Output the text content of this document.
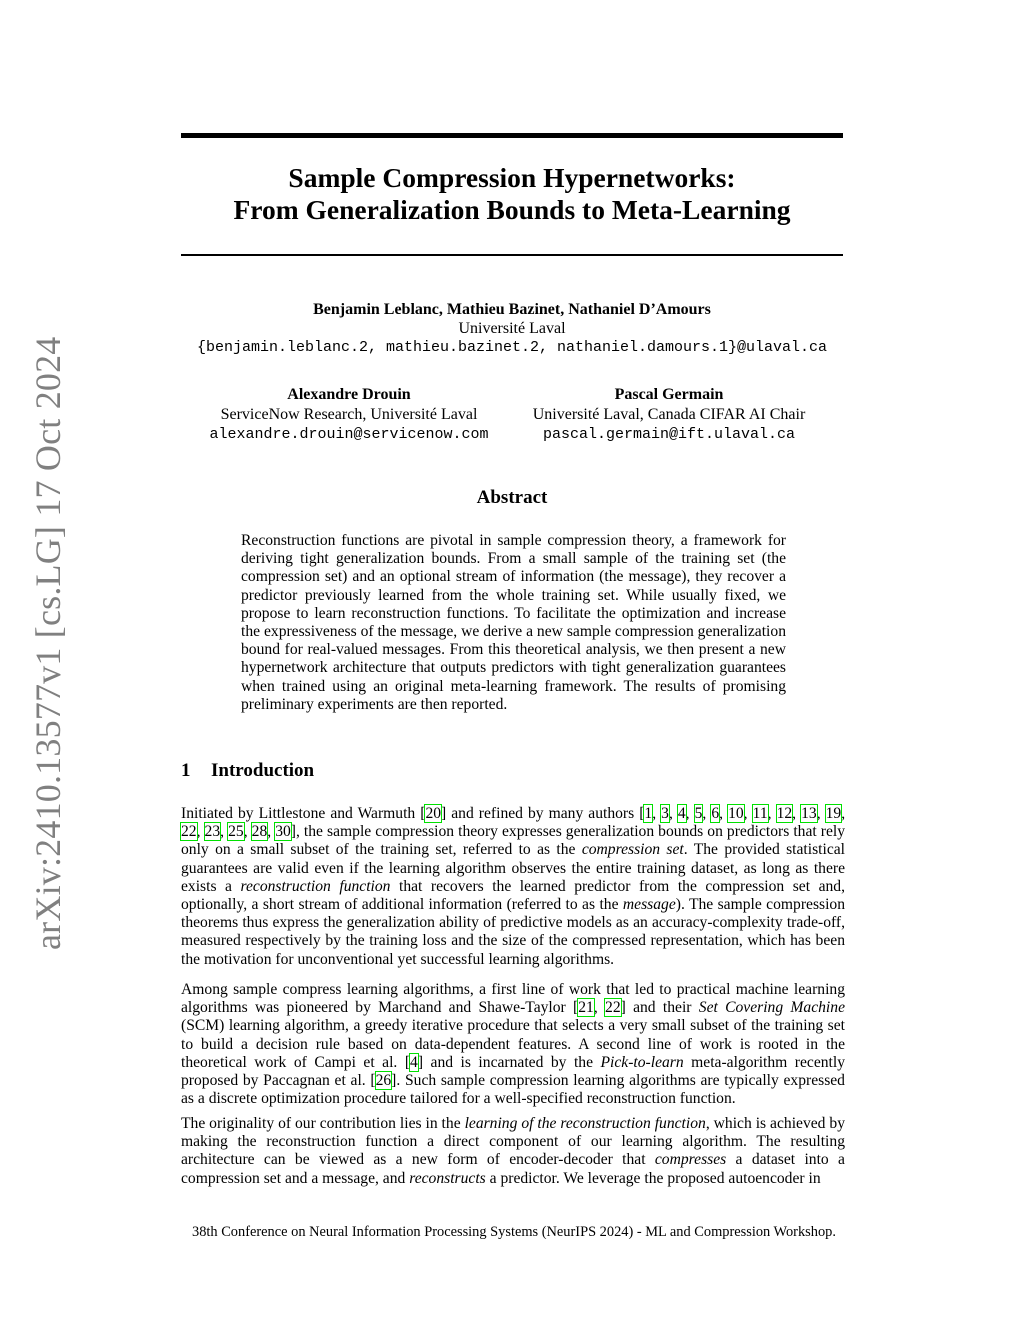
arXiv:2410.13577v1 [cs.LG] 17 Oct 2024
Sample Compression Hypernetworks:
From Generalization Bounds to Meta-Learning
Benjamin Leblanc, Mathieu Bazinet, Nathaniel D’Amours
Université Laval
{benjamin.leblanc.2, mathieu.bazinet.2, nathaniel.damours.1}@ulaval.ca
Alexandre Drouin
ServiceNow Research, Université Laval
alexandre.drouin@servicenow.com
Pascal Germain
Université Laval, Canada CIFAR AI Chair
pascal.germain@ift.ulaval.ca
Abstract
Reconstruction functions are pivotal in sample compression theory, a framework for deriving tight generalization bounds. From a small sample of the training set (the compression set) and an optional stream of information (the message), they recover a predictor previously learned from the whole training set. While usually fixed, we propose to learn reconstruction functions. To facilitate the optimization and increase the expressiveness of the message, we derive a new sample compression generalization bound for real-valued messages. From this theoretical analysis, we then present a new hypernetwork architecture that outputs predictors with tight generalization guarantees when trained using an original meta-learning framework. The results of promising preliminary experiments are then reported.
1 Introduction

Initiated by Littlestone and Warmuth [20] and refined by many authors [1, 3, 4, 5, 6, 10, 11, 12, 13, 19, 22, 23, 25, 28, 30], the sample compression theory expresses generalization bounds on predictors that rely only on a small subset of the training set, referred to as the compression set. The provided statistical guarantees are valid even if the learning algorithm observes the entire training dataset, as long as there exists a reconstruction function that recovers the learned predictor from the compression set and, optionally, a short stream of additional information (referred to as the message). The sample compression theorems thus express the generalization ability of predictive models as an accuracy-complexity trade-off, measured respectively by the training loss and the size of the compressed representation, which has been the motivation for unconventional yet successful learning algorithms.

Among sample compress learning algorithms, a first line of work that led to practical machine learning algorithms was pioneered by Marchand and Shawe-Taylor [21, 22] and their Set Covering Machine (SCM) learning algorithm, a greedy iterative procedure that selects a very small subset of the training set to build a decision rule based on data-dependent features. A second line of work is rooted in the theoretical work of Campi et al. [4] and is incarnated by the Pick-to-learn meta-algorithm recently proposed by Paccagnan et al. [26]. Such sample compression learning algorithms are typically expressed as a discrete optimization procedure tailored for a well-specified reconstruction function.

The originality of our contribution lies in the learning of the reconstruction function, which is achieved by making the reconstruction function a direct component of our learning algorithm. The resulting architecture can be viewed as a new form of encoder-decoder that compresses a dataset into a compression set and a message, and reconstructs a predictor. We leverage the proposed autoencoder in

38th Conference on Neural Information Processing Systems (NeurIPS 2024) - ML and Compression Workshop.
